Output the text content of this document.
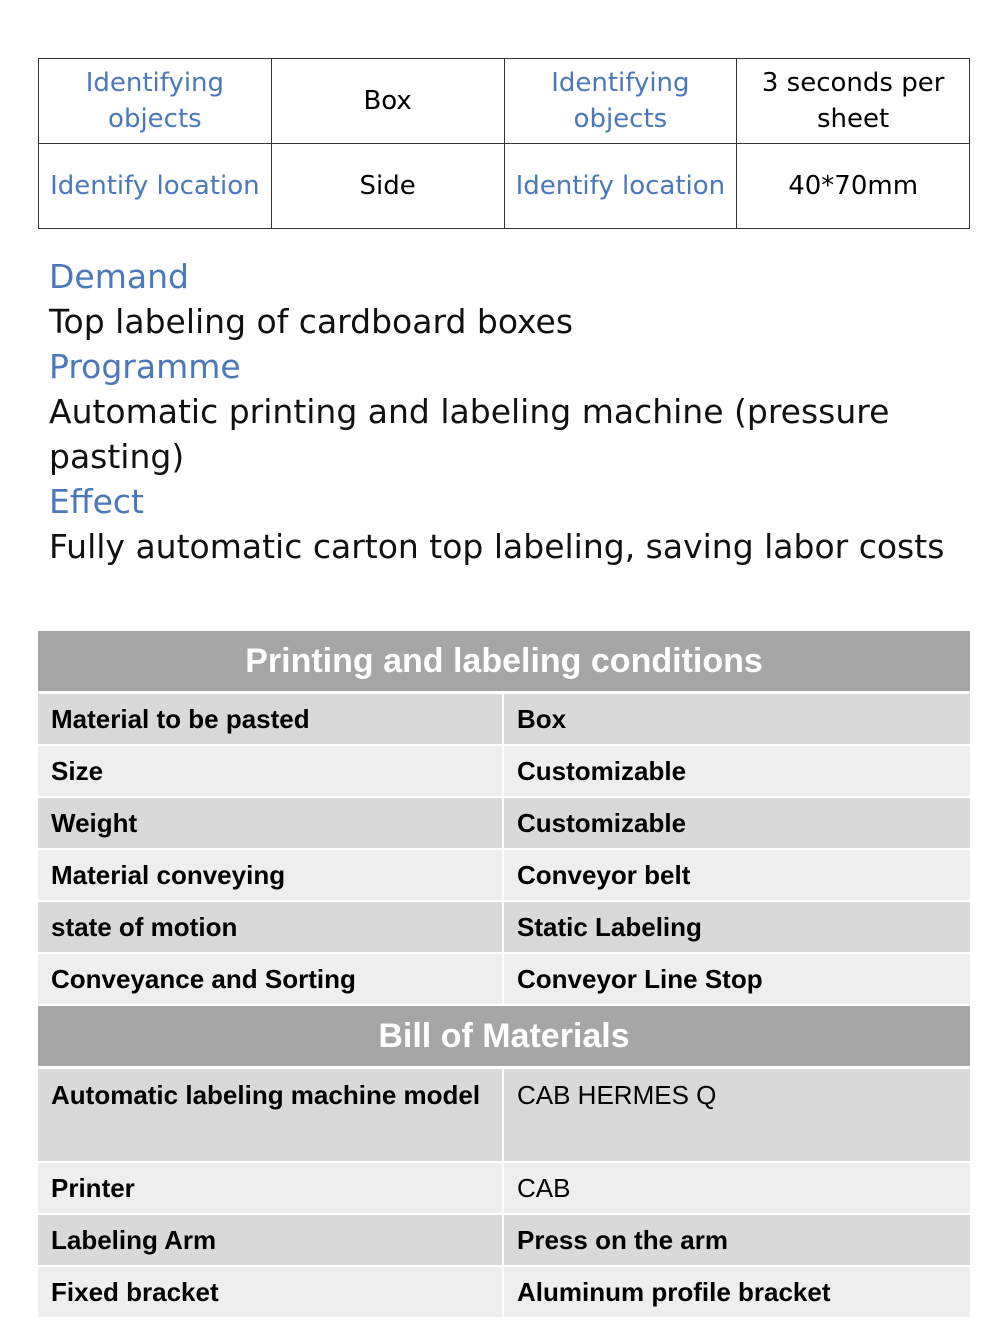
Identifying objects	Box	Identifying objects	3 seconds per sheet
Identify location	Side	Identify location	40*70mm
Demand
Top labeling of cardboard boxes
Programme
Automatic printing and labeling machine (pressure pasting)
Effect
Fully automatic carton top labeling, saving labor costs
Printing and labeling conditions	
Material to be pasted	Box
Size	Customizable
Weight	Customizable
Material conveying	Conveyor belt
state of motion	Static Labeling
Conveyance and Sorting	Conveyor Line Stop
Bill of Materials	
Automatic labeling machine model	CAB HERMES Q
Printer	CAB
Labeling Arm	Press on the arm
Fixed bracket	Aluminum profile bracket
